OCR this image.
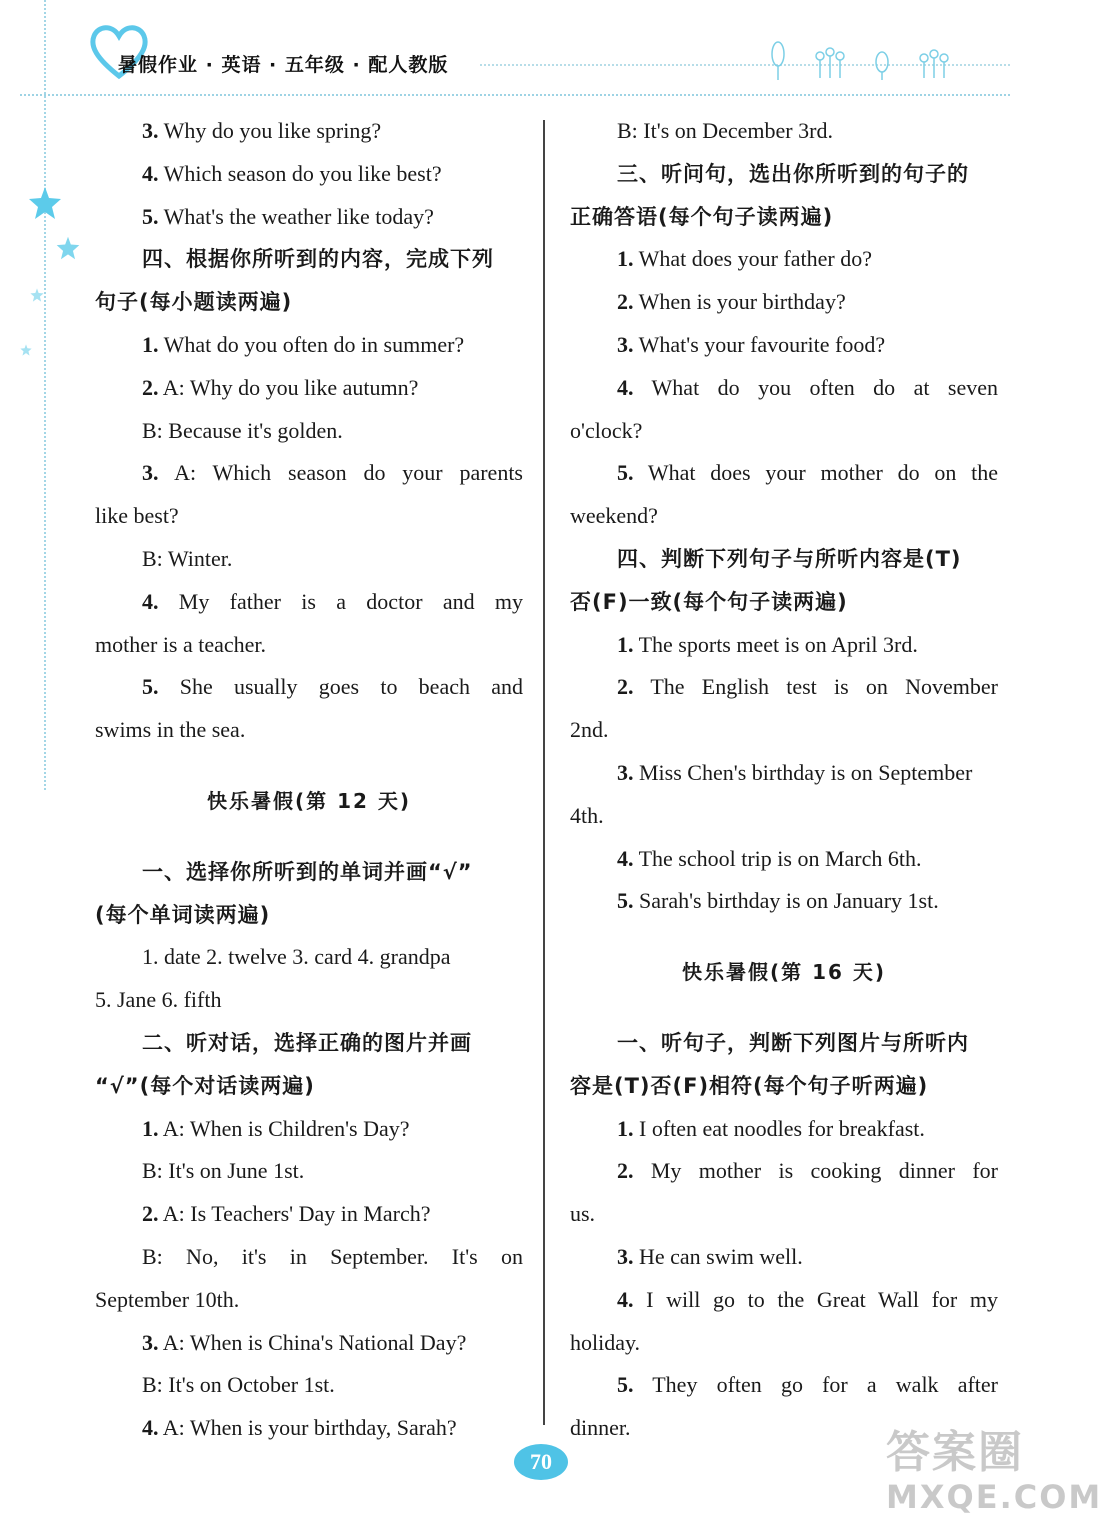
暑假作业 · 英语 · 五年级 · 配人教版
3. Why do you like spring?
4. Which season do you like best?
5. What's the weather like today?
四、根据你所听到的内容，完成下列
句子(每小题读两遍)
1. What do you often do in summer?
2. A: Why do you like autumn?
B: Because it's golden.
3. A: Which season do your parents
like best?
B: Winter.
4. My father is a doctor and my
mother is a teacher.
5. She usually goes to beach and
swims in the sea.
快乐暑假(第 12 天)
一、选择你所听到的单词并画“√”
(每个单词读两遍)
1. date 2. twelve 3. card 4. grandpa
5. Jane 6. fifth
二、听对话，选择正确的图片并画
“√”(每个对话读两遍)
1. A: When is Children's Day?
B: It's on June 1st.
2. A: Is Teachers' Day in March?
B: No, it's in September. It's on
September 10th.
3. A: When is China's National Day?
B: It's on October 1st.
4. A: When is your birthday, Sarah?
B: It's on December 3rd.
三、听问句，选出你所听到的句子的
正确答语(每个句子读两遍)
1. What does your father do?
2. When is your birthday?
3. What's your favourite food?
4. What do you often do at seven
o'clock?
5. What does your mother do on the
weekend?
四、判断下列句子与所听内容是(T)
否(F)一致(每个句子读两遍)
1. The sports meet is on April 3rd.
2. The English test is on November
2nd.
3. Miss Chen's birthday is on September
4th.
4. The school trip is on March 6th.
5. Sarah's birthday is on January 1st.
快乐暑假(第 16 天)
一、听句子，判断下列图片与所听内
容是(T)否(F)相符(每个句子听两遍)
1. I often eat noodles for breakfast.
2. My mother is cooking dinner for
us.
3. He can swim well.
4. I will go to the Great Wall for my
holiday.
5. They often go for a walk after
dinner.
70	答案圈
MXQE.COM
